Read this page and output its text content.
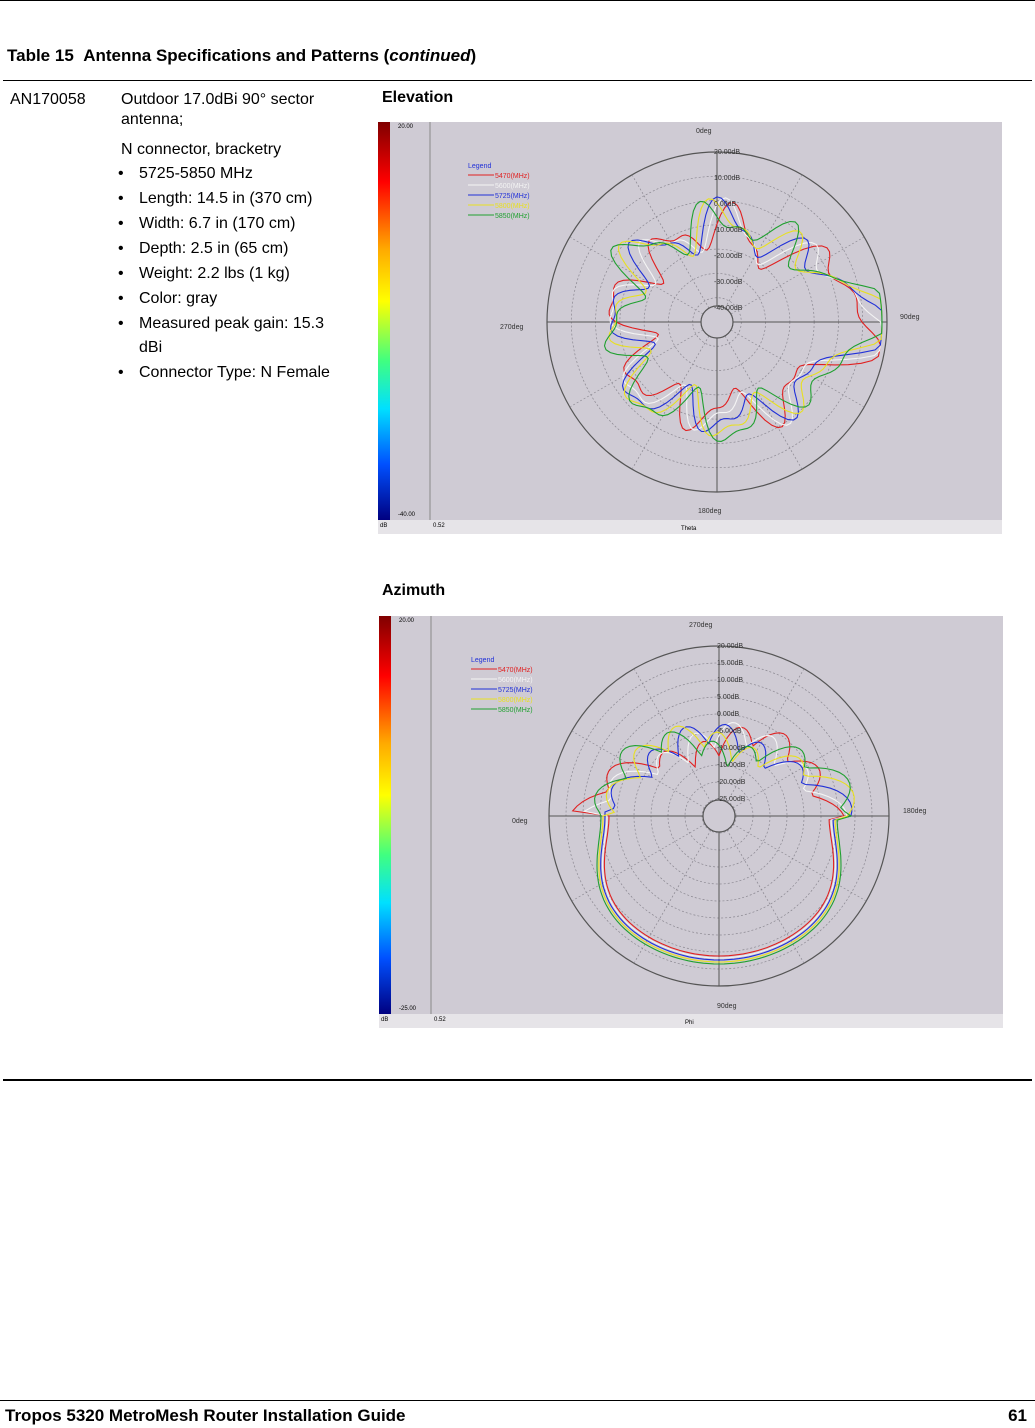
Table 15 Antenna Specifications and Patterns (continued)
AN170058 Outdoor 17.0dBi 90° sector
antenna;
N connector, bracketry
• 5725-5850 MHz
• Length: 14.5 in (370 cm)
• Width: 6.7 in (170 cm)
• Depth: 2.5 in (65 cm)
• Weight: 2.2 lbs (1 kg)
• Color: gray
• Measured peak gain: 15.3
dBi
• Connector Type: N Female
Elevation
20.00
-40.00
dB	0.52	Theta
0deg
90deg
180deg
270deg
20.00dB
10.00dB
0.00dB
-10.00dB
-20.00dB
-30.00dB
-40.00dB
Legend
5470(MHz)
5600(MHz)
5725(MHz)
5800(MHz)
5850(MHz)
Azimuth
20.00
-25.00
dB	0.52	Phi
270deg
180deg
90deg
0deg
20.00dB
15.00dB
10.00dB
5.00dB
0.00dB
-5.00dB
-10.00dB
-15.00dB
-20.00dB
-25.00dB
Legend
5470(MHz)
5600(MHz)
5725(MHz)
5800(MHz)
5850(MHz)
Tropos 5320 MetroMesh Router Installation Guide	61
